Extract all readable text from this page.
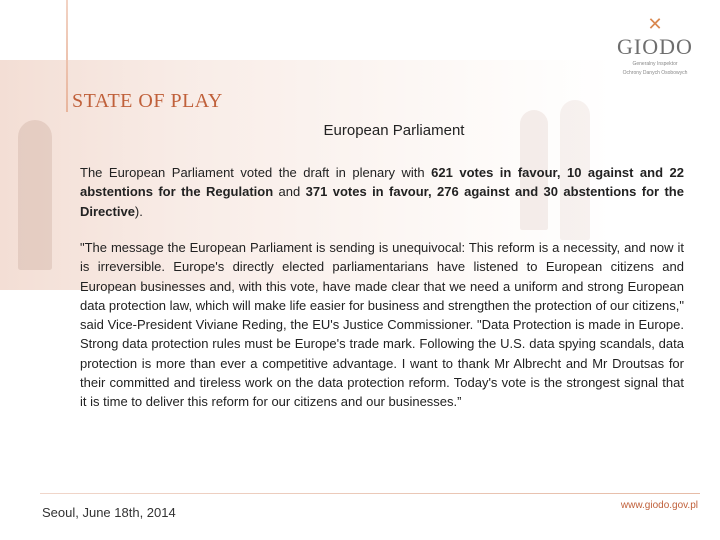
✕
GIODO
Generalny Inspektor
Ochrony Danych Osobowych
STATE OF PLAY
European Parliament
The European Parliament voted the draft in plenary with 621 votes in favour, 10 against and 22 abstentions for the Regulation and 371 votes in favour, 276 against and 30 abstentions for the Directive).
"The message the European Parliament is sending is unequivocal: This reform is a necessity, and now it is irreversible. Europe's directly elected parliamentarians have listened to European citizens and European businesses and, with this vote, have made clear that we need a uniform and strong European data protection law, which will make life easier for business and strengthen the protection of our citizens," said Vice-President Viviane Reding, the EU's Justice Commissioner. "Data Protection is made in Europe. Strong data protection rules must be Europe's trade mark. Following the U.S. data spying scandals, data protection is more than ever a competitive advantage. I want to thank Mr Albrecht and Mr Droutsas for their committed and tireless work on the data protection reform. Today's vote is the strongest signal that it is time to deliver this reform for our citizens and our businesses.”
Seoul, June 18th, 2014	www.giodo.gov.pl
